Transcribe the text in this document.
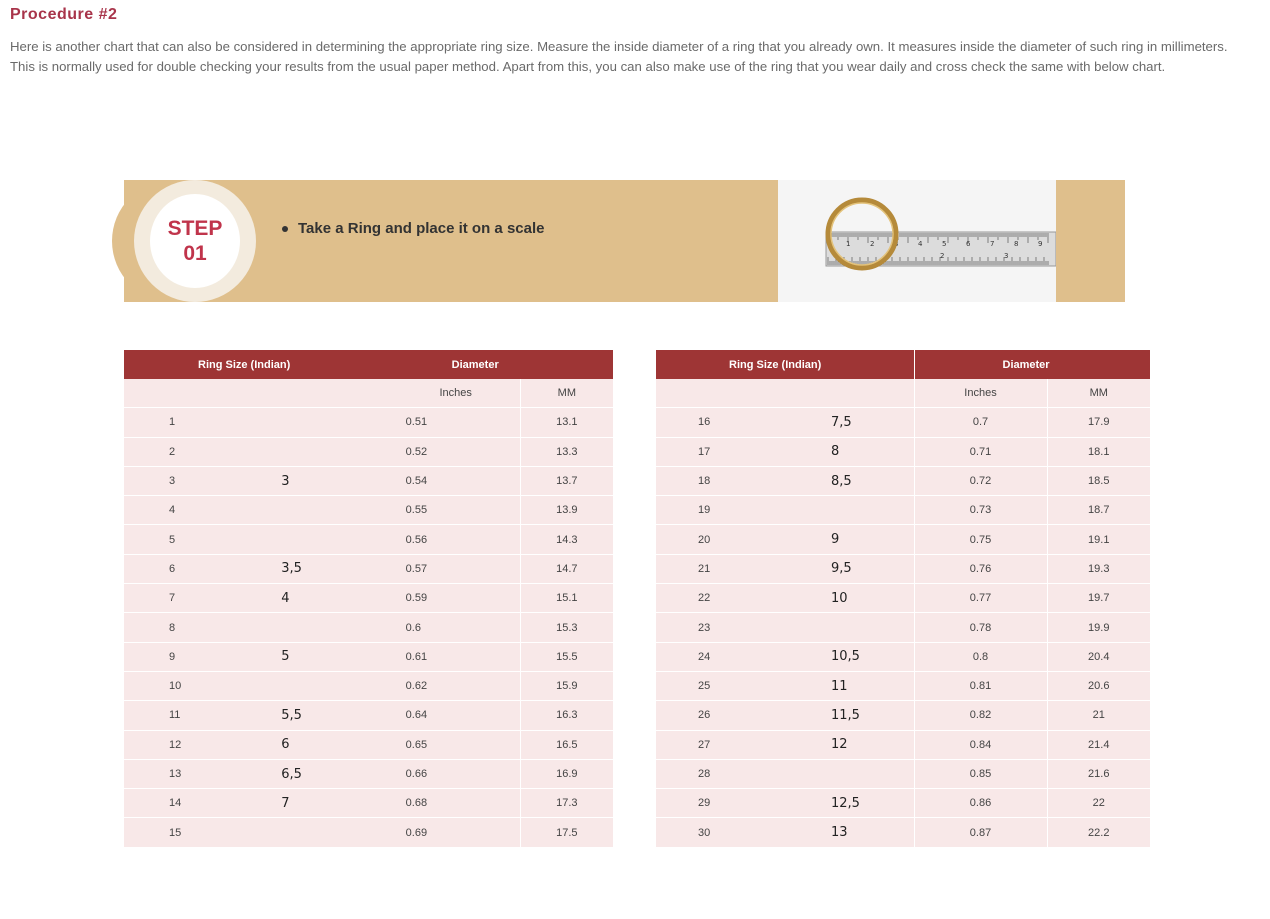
Procedure #2

Here is another chart that can also be considered in determining the appropriate ring size. Measure the inside diameter of a ring that you already own. It measures inside the diameter of such ring in millimeters. This is normally used for double checking your results from the usual paper method. Apart from this, you can also make use of the ring that you wear daily and cross check the same with below chart.

STEP
01
Take a Ring and place it on a scale
1	2	3	4	5	6	7	8	9
2	3
Ring Size (Indian)		Diameter	
		Inches	MM
1		0.51	13.1
2		0.52	13.3
3	3	0.54	13.7
4		0.55	13.9
5		0.56	14.3
6	3,5	0.57	14.7
7	4	0.59	15.1
8		0.6	15.3
9	5	0.61	15.5
10		0.62	15.9
11	5,5	0.64	16.3
12	6	0.65	16.5
13	6,5	0.66	16.9
14	7	0.68	17.3
15		0.69	17.5
Ring Size (Indian)		Diameter	
		Inches	MM
16	7,5	0.7	17.9
17	8	0.71	18.1
18	8,5	0.72	18.5
19		0.73	18.7
20	9	0.75	19.1
21	9,5	0.76	19.3
22	10	0.77	19.7
23		0.78	19.9
24	10,5	0.8	20.4
25	11	0.81	20.6
26	11,5	0.82	21
27	12	0.84	21.4
28		0.85	21.6
29	12,5	0.86	22
30	13	0.87	22.2
